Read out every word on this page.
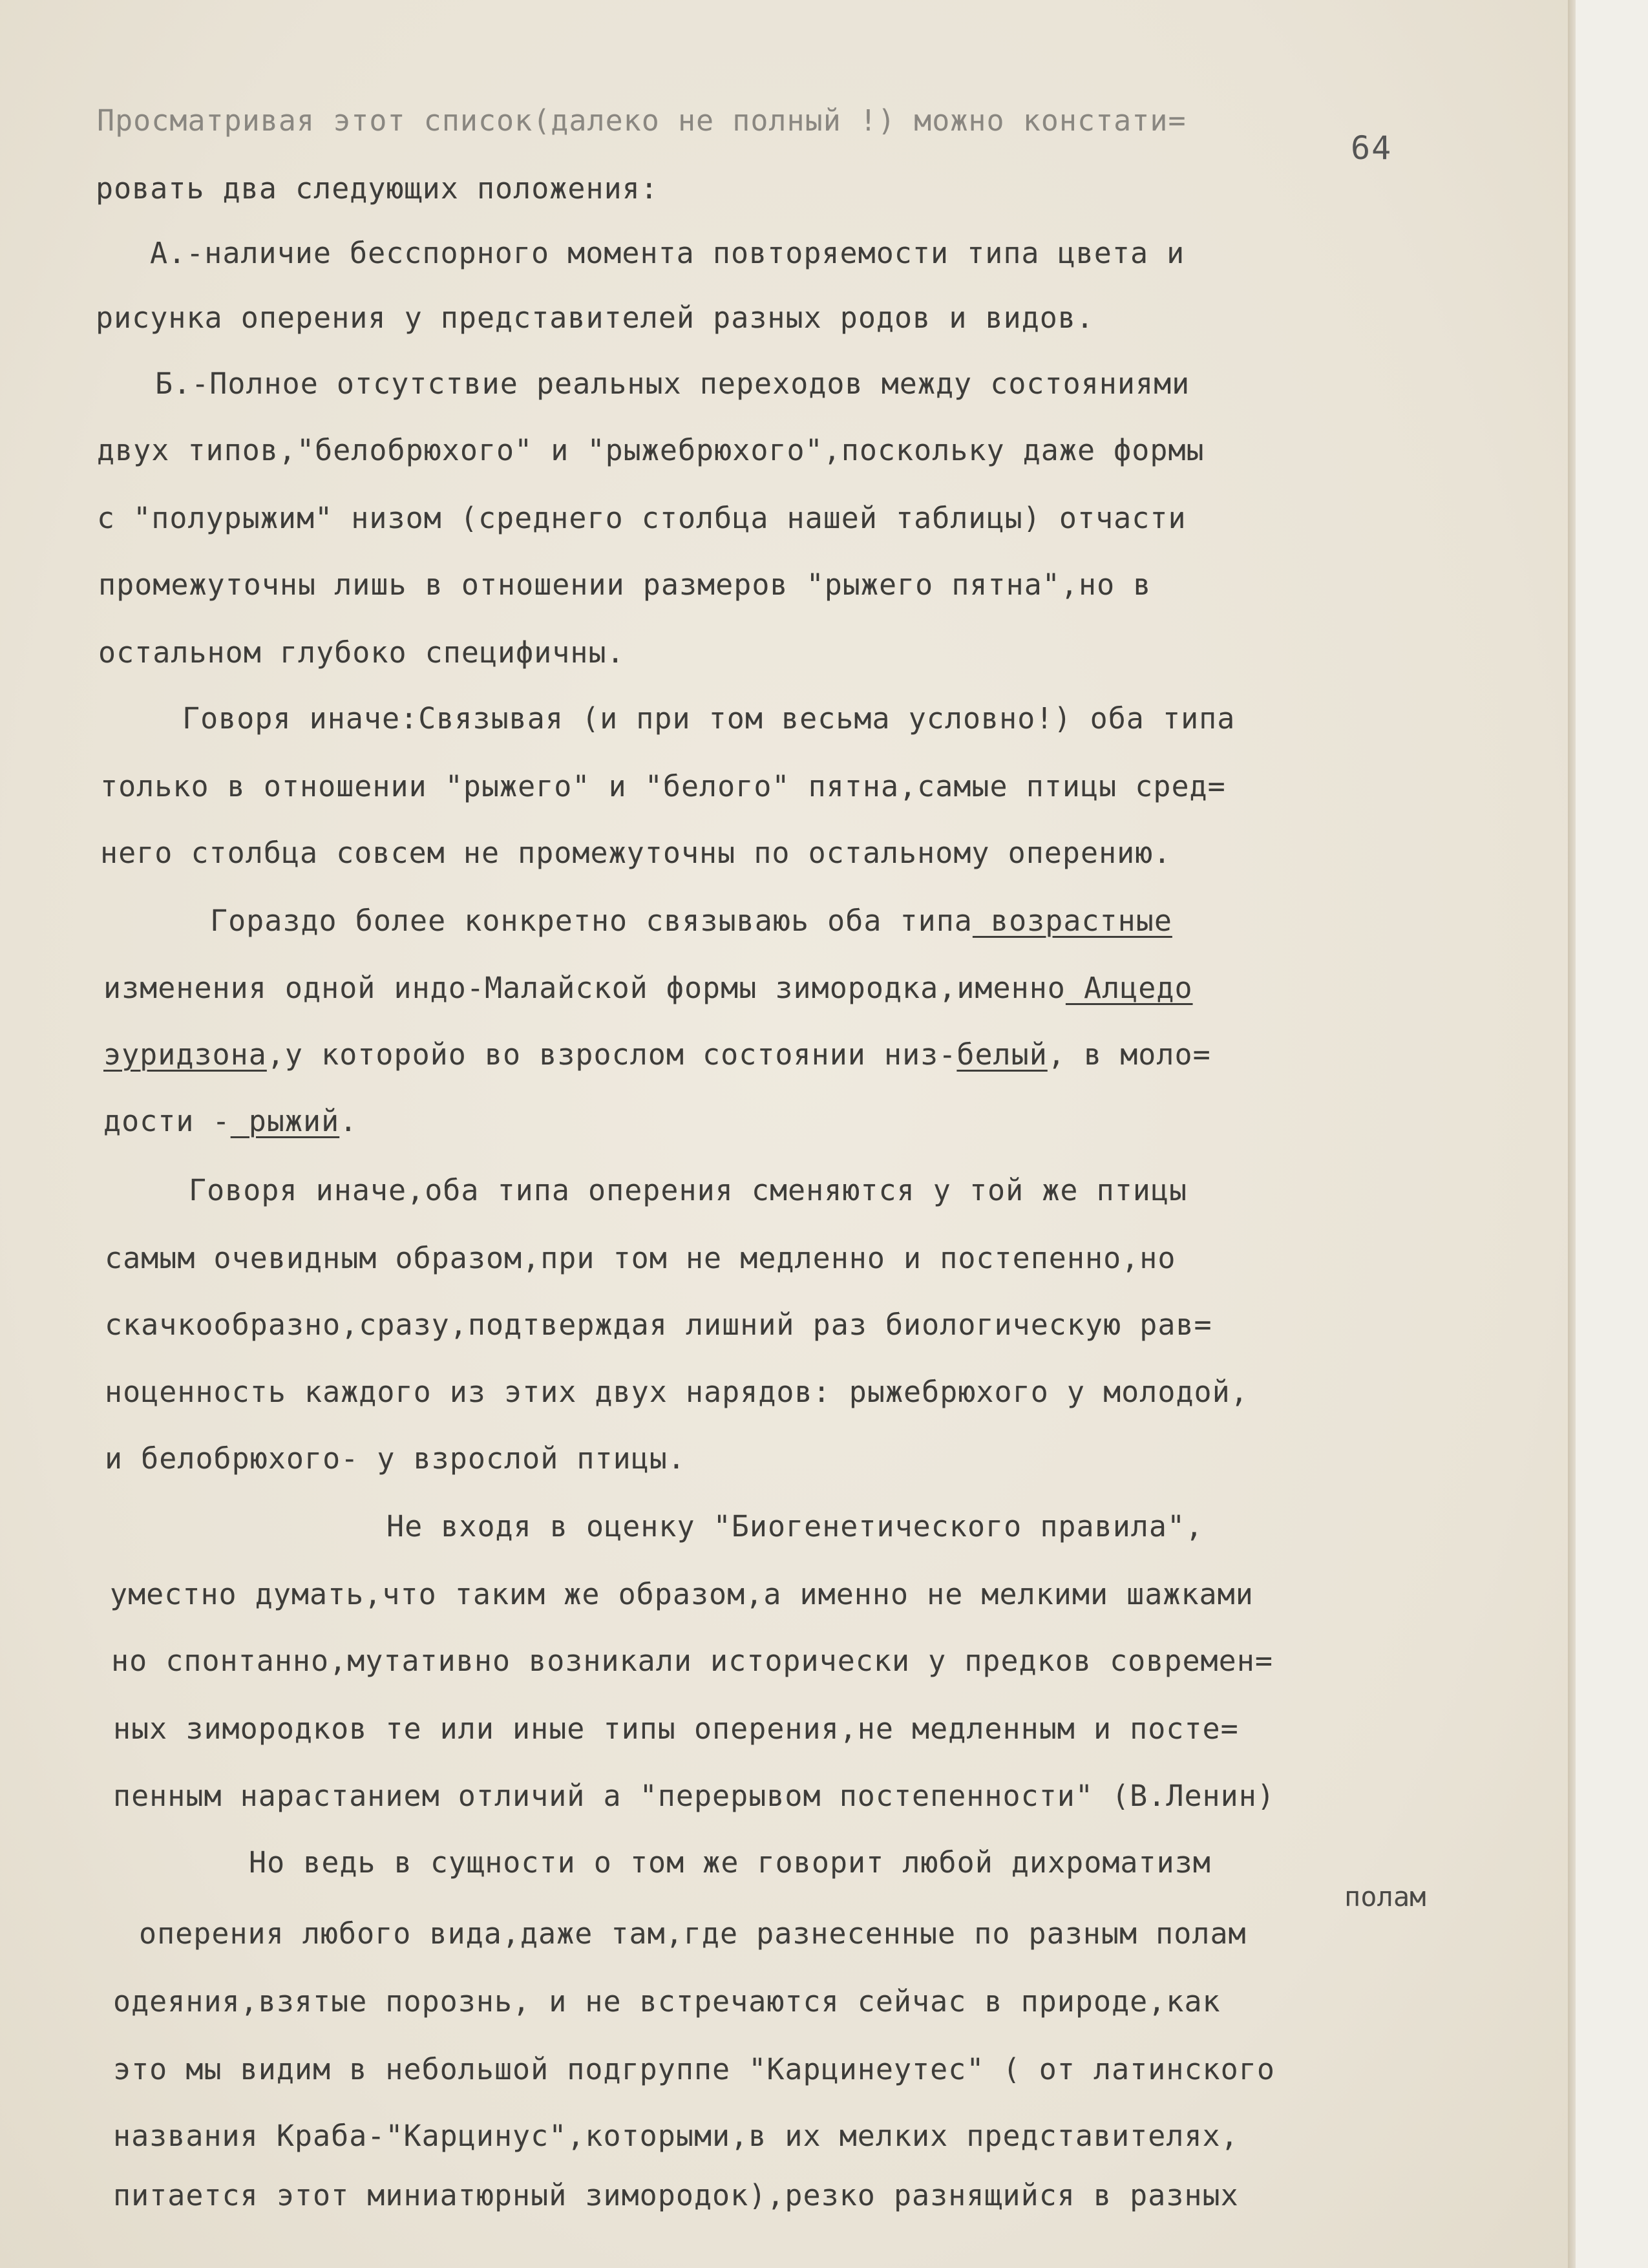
64
Просматривая этот список(далеко не полный !) можно констати=
ровать два следующих положения:
А.-наличие бесспорного момента повторяемости типа цвета и
рисунка оперения у представителей разных родов и видов.
Б.-Полное отсутствие реальных переходов между состояниями
двух типов,"белобрюхого" и "рыжебрюхого",поскольку даже формы
с "полурыжим" низом (среднего столбца нашей таблицы) отчасти
промежуточны лишь в отношении размеров "рыжего пятна",но в
остальном глубоко специфичны.
Говоря иначе:Связывая (и при том весьма условно!) оба типа
только в отношении "рыжего" и "белого" пятна,самые птицы сред=
него столбца совсем не промежуточны по остальному оперению.
Гораздо более конкретно связываюь оба типа возрастные
изменения одной индо-Малайской формы зимородка,именно Алцедо
эуридзона,у которойо во взрослом состоянии низ-белый, в моло=
дости - рыжий.
Говоря иначе,оба типа оперения сменяются у той же птицы
самым очевидным образом,при том не медленно и постепенно,но
скачкообразно,сразу,подтверждая лишний раз биологическую рав=
ноценность каждого из этих двух нарядов: рыжебрюхого у молодой,
и белобрюхого- у взрослой птицы.
Не входя в оценку "Биогенетического правила",
уместно думать,что таким же образом,а именно не мелкими шажками
но спонтанно,мутативно возникали исторически у предков современ=
ных зимородков те или иные типы оперения,не медленным и посте=
пенным нарастанием отличий а "перерывом постепенности" (В.Ленин)
Но ведь в сущности о том же говорит любой дихроматизм
полам
оперения любого вида,даже там,где разнесенные по разным полам
одеяния,взятые порознь, и не встречаются сейчас в природе,как
это мы видим в небольшой подгруппе "Карцинеутес" ( от латинского
названия Краба-"Карцинус",которыми,в их мелких представителях,
питается этот миниатюрный зимородок),резко разнящийся в разных
